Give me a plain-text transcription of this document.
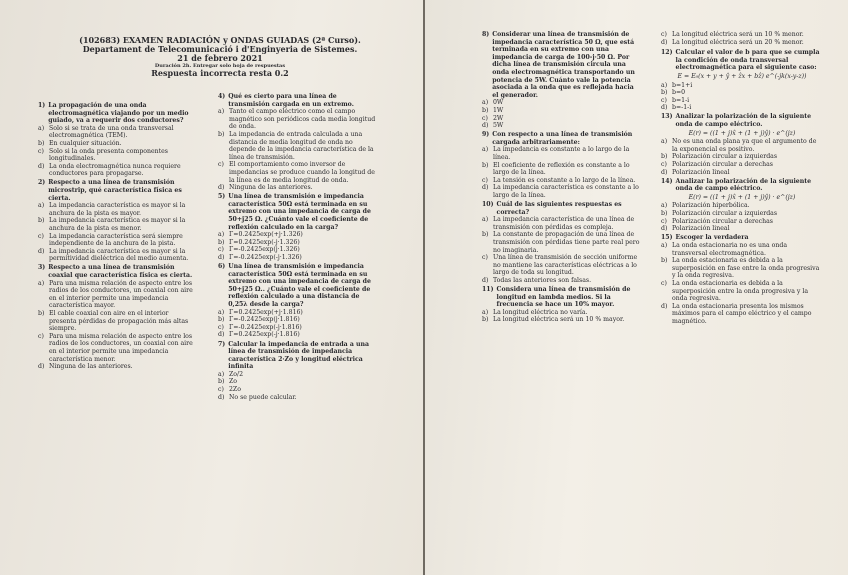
(102683) EXAMEN RADIACIÓN y ONDAS GUIADAS (2ª Curso).
Departament de Telecomunicació i d'Enginyeria de Sistemes.
21 de febrero 2021
Duración 2h. Entregar solo hoja de respuestas
Respuesta incorrecta resta 0.2
1) La propagación de una onda electromagnética viajando por un medio guiado, va a requerir dos conductores?
a) Solo si se trata de una onda transversal electromagnética (TEM).
b) En cualquier situación.
c) Solo si la onda presenta componentes longitudinales.
d) La onda electromagnética nunca requiere conductores para propagarse.
2) Respecto a una línea de transmisión microstrip, qué característica física es cierta.
a) La impedancia característica es mayor si la anchura de la pista es mayor.
b) La impedancia característica es mayor si la anchura de la pista es menor.
c) La impedancia característica será siempre independiente de la anchura de la pista.
d) La impedancia característica es mayor si la permitividad dieléctrica del medio aumenta.
3) Respecto a una línea de transmisión coaxial que característica física es cierta.
a) Para una misma relación de aspecto entre los radios de los conductores, un coaxial con aire en el interior permite una impedancia característica mayor.
b) El cable coaxial con aire en el interior presenta pérdidas de propagación más altas siempre.
c) Para una misma relación de aspecto entre los radios de los conductores, un coaxial con aire en el interior permite una impedancia característica menor.
d) Ninguna de las anteriores.
4) Qué es cierto para una línea de transmisión cargada en un extremo.
a) Tanto el campo eléctrico como el campo magnético son periódicos cada media longitud de onda.
b) La impedancia de entrada calculada a una distancia de media longitud de onda no depende de la impedancia característica de la línea de transmisión.
c) El comportamiento como inversor de impedancias se produce cuando la longitud de la línea es de media longitud de onda.
d) Ninguna de las anteriores.
5) Una línea de transmisión e impedancia característica 50Ω está terminada en su extremo con una impedancia de carga de 50+j25 Ω. ¿Cuánto vale el coeficiente de reflexión calculado en la carga?
a) Γ=0.2425exp(+j·1.326)
b) Γ=0.2425exp(-j·1.326)
c) Γ=-0.2425exp(j·1.326)
d) Γ=-0.2425exp(-j·1.326)
6) Una línea de transmisión e impedancia característica 50Ω está terminada en su extremo con una impedancia de carga de 50+j25 Ω.. ¿Cuánto vale el coeficiente de reflexión calculado a una distancia de 0,25λ desde la carga?
a) Γ=0.2425exp(+j·1.816)
b) Γ=-0.2425exp(j·1.816)
c) Γ=-0.2425exp(-j·1.816)
d) Γ=0.2425exp(-j·1.816)
7) Calcular la impedancia de entrada a una línea de transmisión de impedancia característica 2·Zo y longitud eléctrica infinita
a) Zo/2
b) Zo
c) 2Zo
d) No se puede calcular.
8) Considerar una línea de transmisión de impedancia característica 50 Ω, que está terminada en su extremo con una impedancia de carga de 100-j·50 Ω. Por dicha línea de transmisión circula una onda electromagnética transportando un potencia de 5W. Cuánto vale la potencia asociada a la onda que es reflejada hacia el generador.
a) 0W
b) 1W
c) 2W
d) 5W
9) Con respecto a una línea de transmisión cargada arbitrariamente:
a) La impedancia es constante a lo largo de la línea.
b) El coeficiente de reflexión es constante a lo largo de la línea.
c) La tensión es constante a lo largo de la línea.
d) La impedancia característica es constante a lo largo de la línea.
10) Cuál de las siguientes respuestas es correcta?
a) La impedancia característica de una línea de transmisión con pérdidas es compleja.
b) La constante de propagación de una línea de transmisión con pérdidas tiene parte real pero no imaginaria.
c) Una línea de transmisión de sección uniforme no mantiene las características eléctricas a lo largo de toda su longitud.
d) Todas las anteriores son falsas.
11) Considera una línea de transmisión de longitud en lambda medios. Si la frecuencia se hace un 10% mayor.
a) La longitud eléctrica no varía.
b) La longitud eléctrica será un 10 % mayor.
c) La longitud eléctrica será un 10 % menor.
d) La longitud eléctrica será un 20 % menor.
12) Calcular el valor de b para que se cumpla la condición de onda transversal electromagnética para el siguiente caso:
E = E₀(x + y + ŷ + ẑx + bẑ) e^(-jk(x-y-z))
a) b=1+i
b) b=0
c) b=1-i
d) b=-1-i
13) Analizar la polarización de la siguiente onda de campo eléctrico.
E(r) = ((1 + j)x̂ + (1 + j)ŷ) · e^(jz)
a) No es una onda plana ya que el argumento de la exponencial es positivo.
b) Polarización circular a izquierdas
c) Polarización circular a derechas
d) Polarización lineal
14) Analizar la polarización de la siguiente onda de campo eléctrico.
E(r) = ((1 + j)x̂ + (1 + j)ŷ) · e^(jz)
a) Polarización hiperbólica.
b) Polarización circular a izquierdas
c) Polarización circular a derechas
d) Polarización lineal
15) Escoger la verdadera
a) La onda estacionaria no es una onda transversal electromagnética.
b) La onda estacionaria es debida a la superposición en fase entre la onda progresiva y la onda regresiva.
c) La onda estacionaria es debida a la superposición entre la onda progresiva y la onda regresiva.
d) La onda estacionaria presenta los mismos máximos para el campo eléctrico y el campo magnético.
